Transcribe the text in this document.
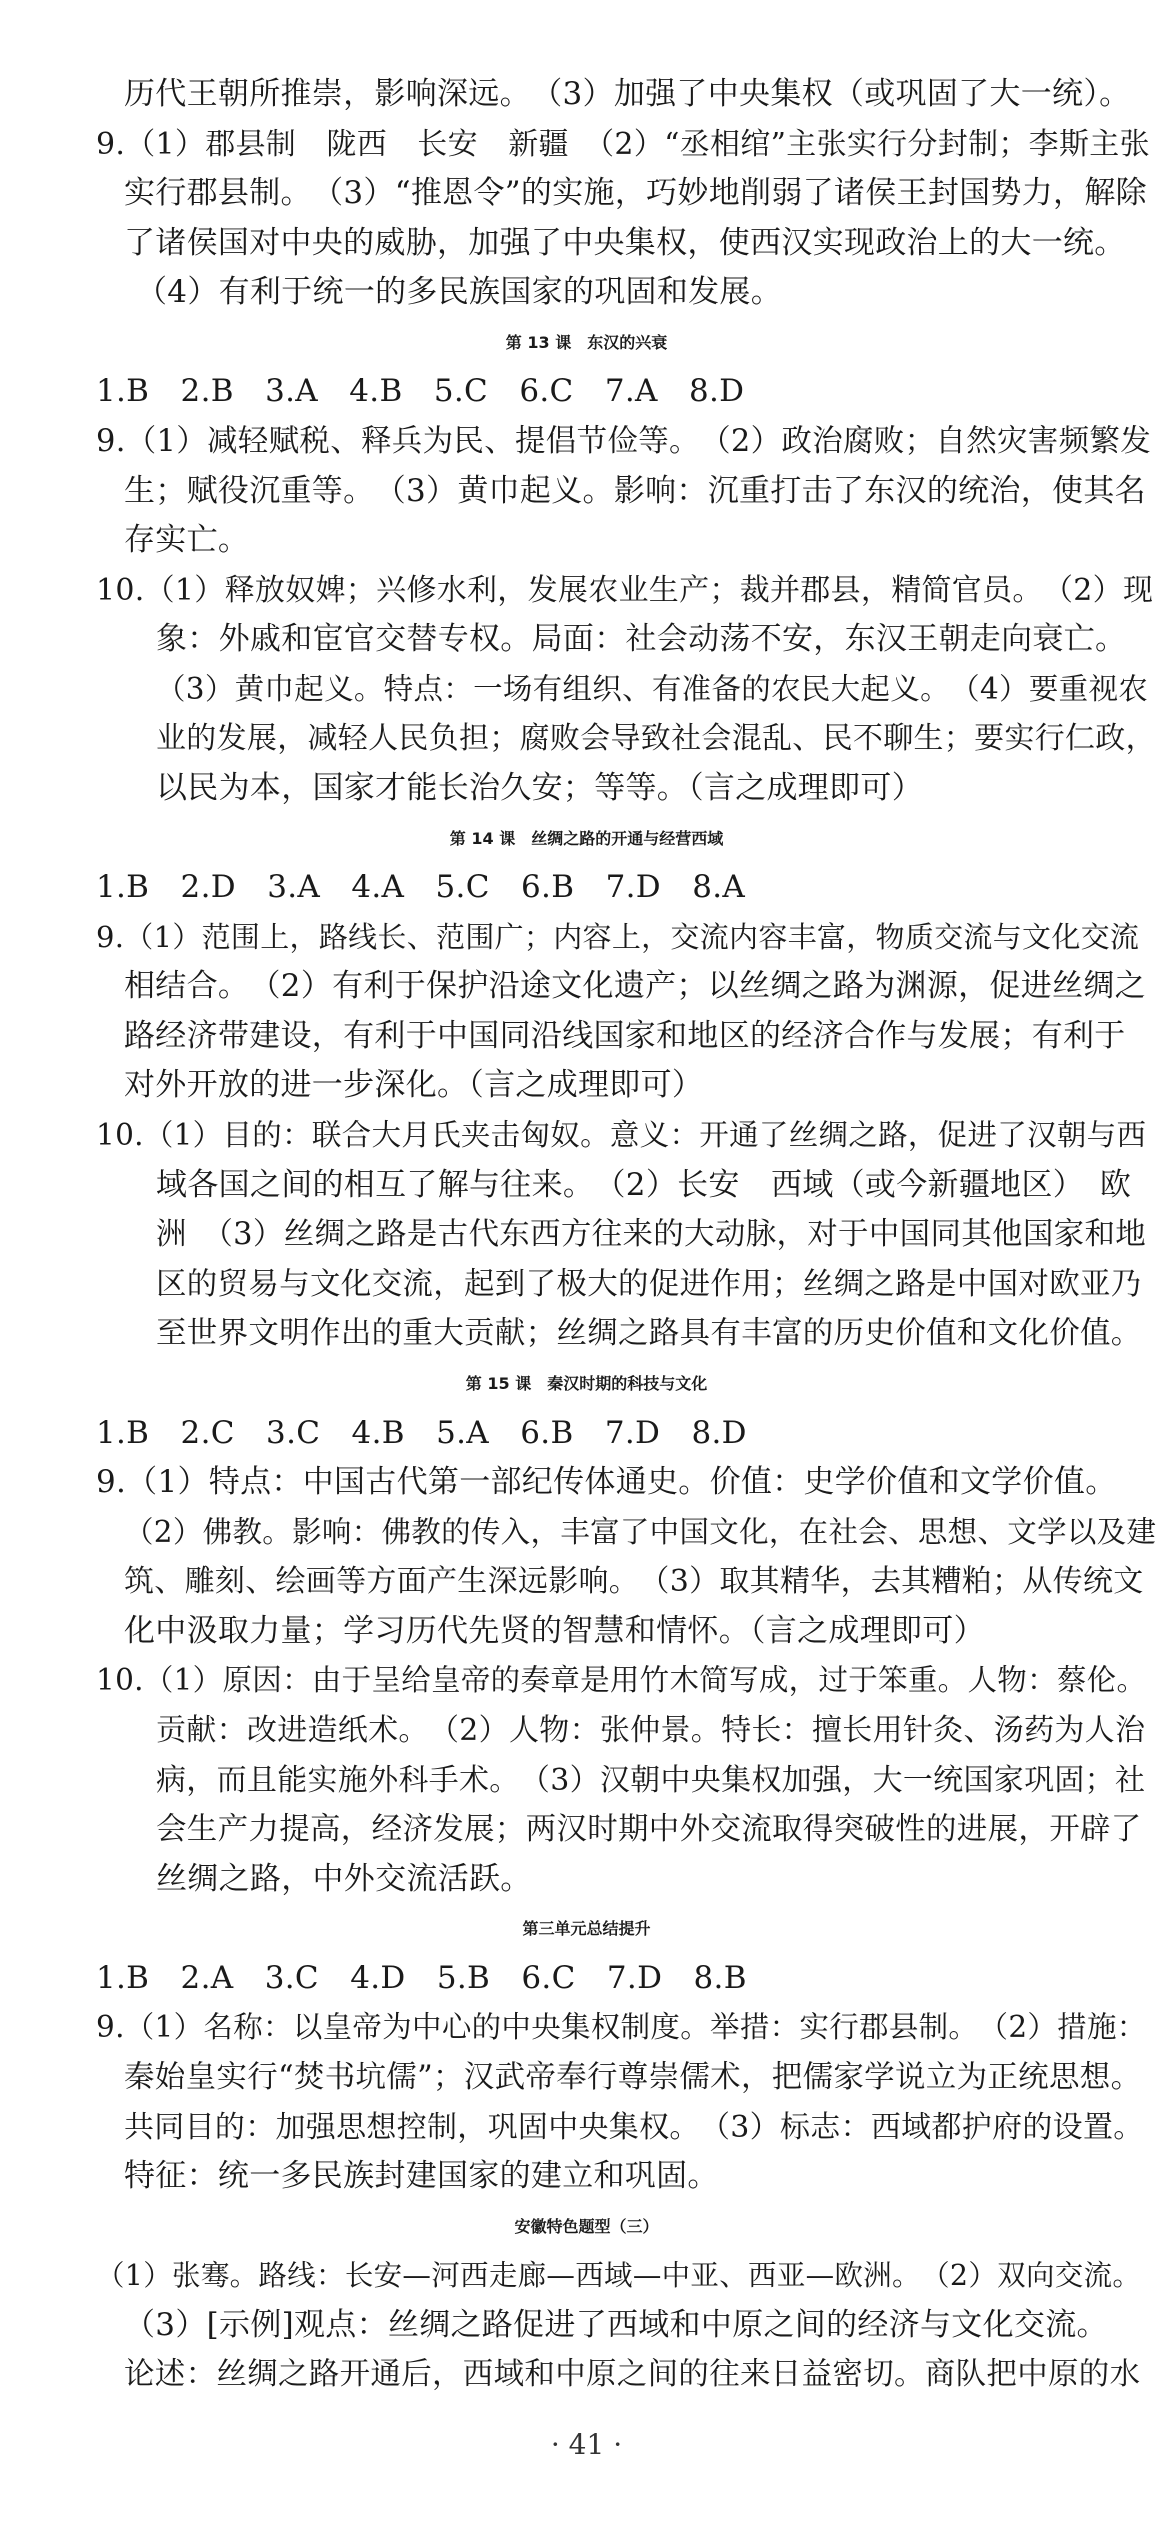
历代王朝所推崇，影响深远。　（3）加强了中央集权（或巩固了大一统）。
9.（1）郡县制　陇西　长安　新疆　（2）“丞相绾”主张实行分封制；李斯主张
实行郡县制。　（3）“推恩令”的实施，巧妙地削弱了诸侯王封国势力，解除
了诸侯国对中央的威胁，加强了中央集权，使西汉实现政治上的大一统。
（4）有利于统一的多民族国家的巩固和发展。
第 13 课　东汉的兴衰
1.B　2.B　3.A　4.B　5.C　6.C　7.A　8.D
9.（1）减轻赋税、释兵为民、提倡节俭等。　（2）政治腐败；自然灾害频繁发
生；赋役沉重等。　（3）黄巾起义。影响：沉重打击了东汉的统治，使其名
存实亡。
10.（1）释放奴婢；兴修水利，发展农业生产；裁并郡县，精简官员。　（2）现
象：外戚和宦官交替专权。局面：社会动荡不安，东汉王朝走向衰亡。
（3）黄巾起义。特点：一场有组织、有准备的农民大起义。　（4）要重视农
业的发展，减轻人民负担；腐败会导致社会混乱、民不聊生；要实行仁政，
以民为本，国家才能长治久安；等等。（言之成理即可）
第 14 课　丝绸之路的开通与经营西域
1.B　2.D　3.A　4.A　5.C　6.B　7.D　8.A
9.（1）范围上，路线长、范围广；内容上，交流内容丰富，物质交流与文化交流
相结合。　（2）有利于保护沿途文化遗产；以丝绸之路为渊源，促进丝绸之
路经济带建设，有利于中国同沿线国家和地区的经济合作与发展；有利于
对外开放的进一步深化。（言之成理即可）
10.（1）目的：联合大月氏夹击匈奴。意义：开通了丝绸之路，促进了汉朝与西
域各国之间的相互了解与往来。　（2）长安　西域（或今新疆地区）　欧
洲　（3）丝绸之路是古代东西方往来的大动脉，对于中国同其他国家和地
区的贸易与文化交流，起到了极大的促进作用；丝绸之路是中国对欧亚乃
至世界文明作出的重大贡献；丝绸之路具有丰富的历史价值和文化价值。
第 15 课　秦汉时期的科技与文化
1.B　2.C　3.C　4.B　5.A　6.B　7.D　8.D
9.（1）特点：中国古代第一部纪传体通史。价值：史学价值和文学价值。
（2）佛教。影响：佛教的传入，丰富了中国文化，在社会、思想、文学以及建
筑、雕刻、绘画等方面产生深远影响。　（3）取其精华，去其糟粕；从传统文
化中汲取力量；学习历代先贤的智慧和情怀。（言之成理即可）
10.（1）原因：由于呈给皇帝的奏章是用竹木简写成，过于笨重。人物：蔡伦。
贡献：改进造纸术。　（2）人物：张仲景。特长：擅长用针灸、汤药为人治
病，而且能实施外科手术。　（3）汉朝中央集权加强，大一统国家巩固；社
会生产力提高，经济发展；两汉时期中外交流取得突破性的进展，开辟了
丝绸之路，中外交流活跃。
第三单元总结提升
1.B　2.A　3.C　4.D　5.B　6.C　7.D　8.B
9.（1）名称：以皇帝为中心的中央集权制度。举措：实行郡县制。　（2）措施：
秦始皇实行“焚书坑儒”；汉武帝奉行尊崇儒术，把儒家学说立为正统思想。
共同目的：加强思想控制，巩固中央集权。　（3）标志：西域都护府的设置。
特征：统一多民族封建国家的建立和巩固。
安徽特色题型（三）
（1）张骞。路线：长安—河西走廊—西域—中亚、西亚—欧洲。　（2）双向交流。
（3）[示例]观点：丝绸之路促进了西域和中原之间的经济与文化交流。
论述：丝绸之路开通后，西域和中原之间的往来日益密切。商队把中原的水
· 41 ·
